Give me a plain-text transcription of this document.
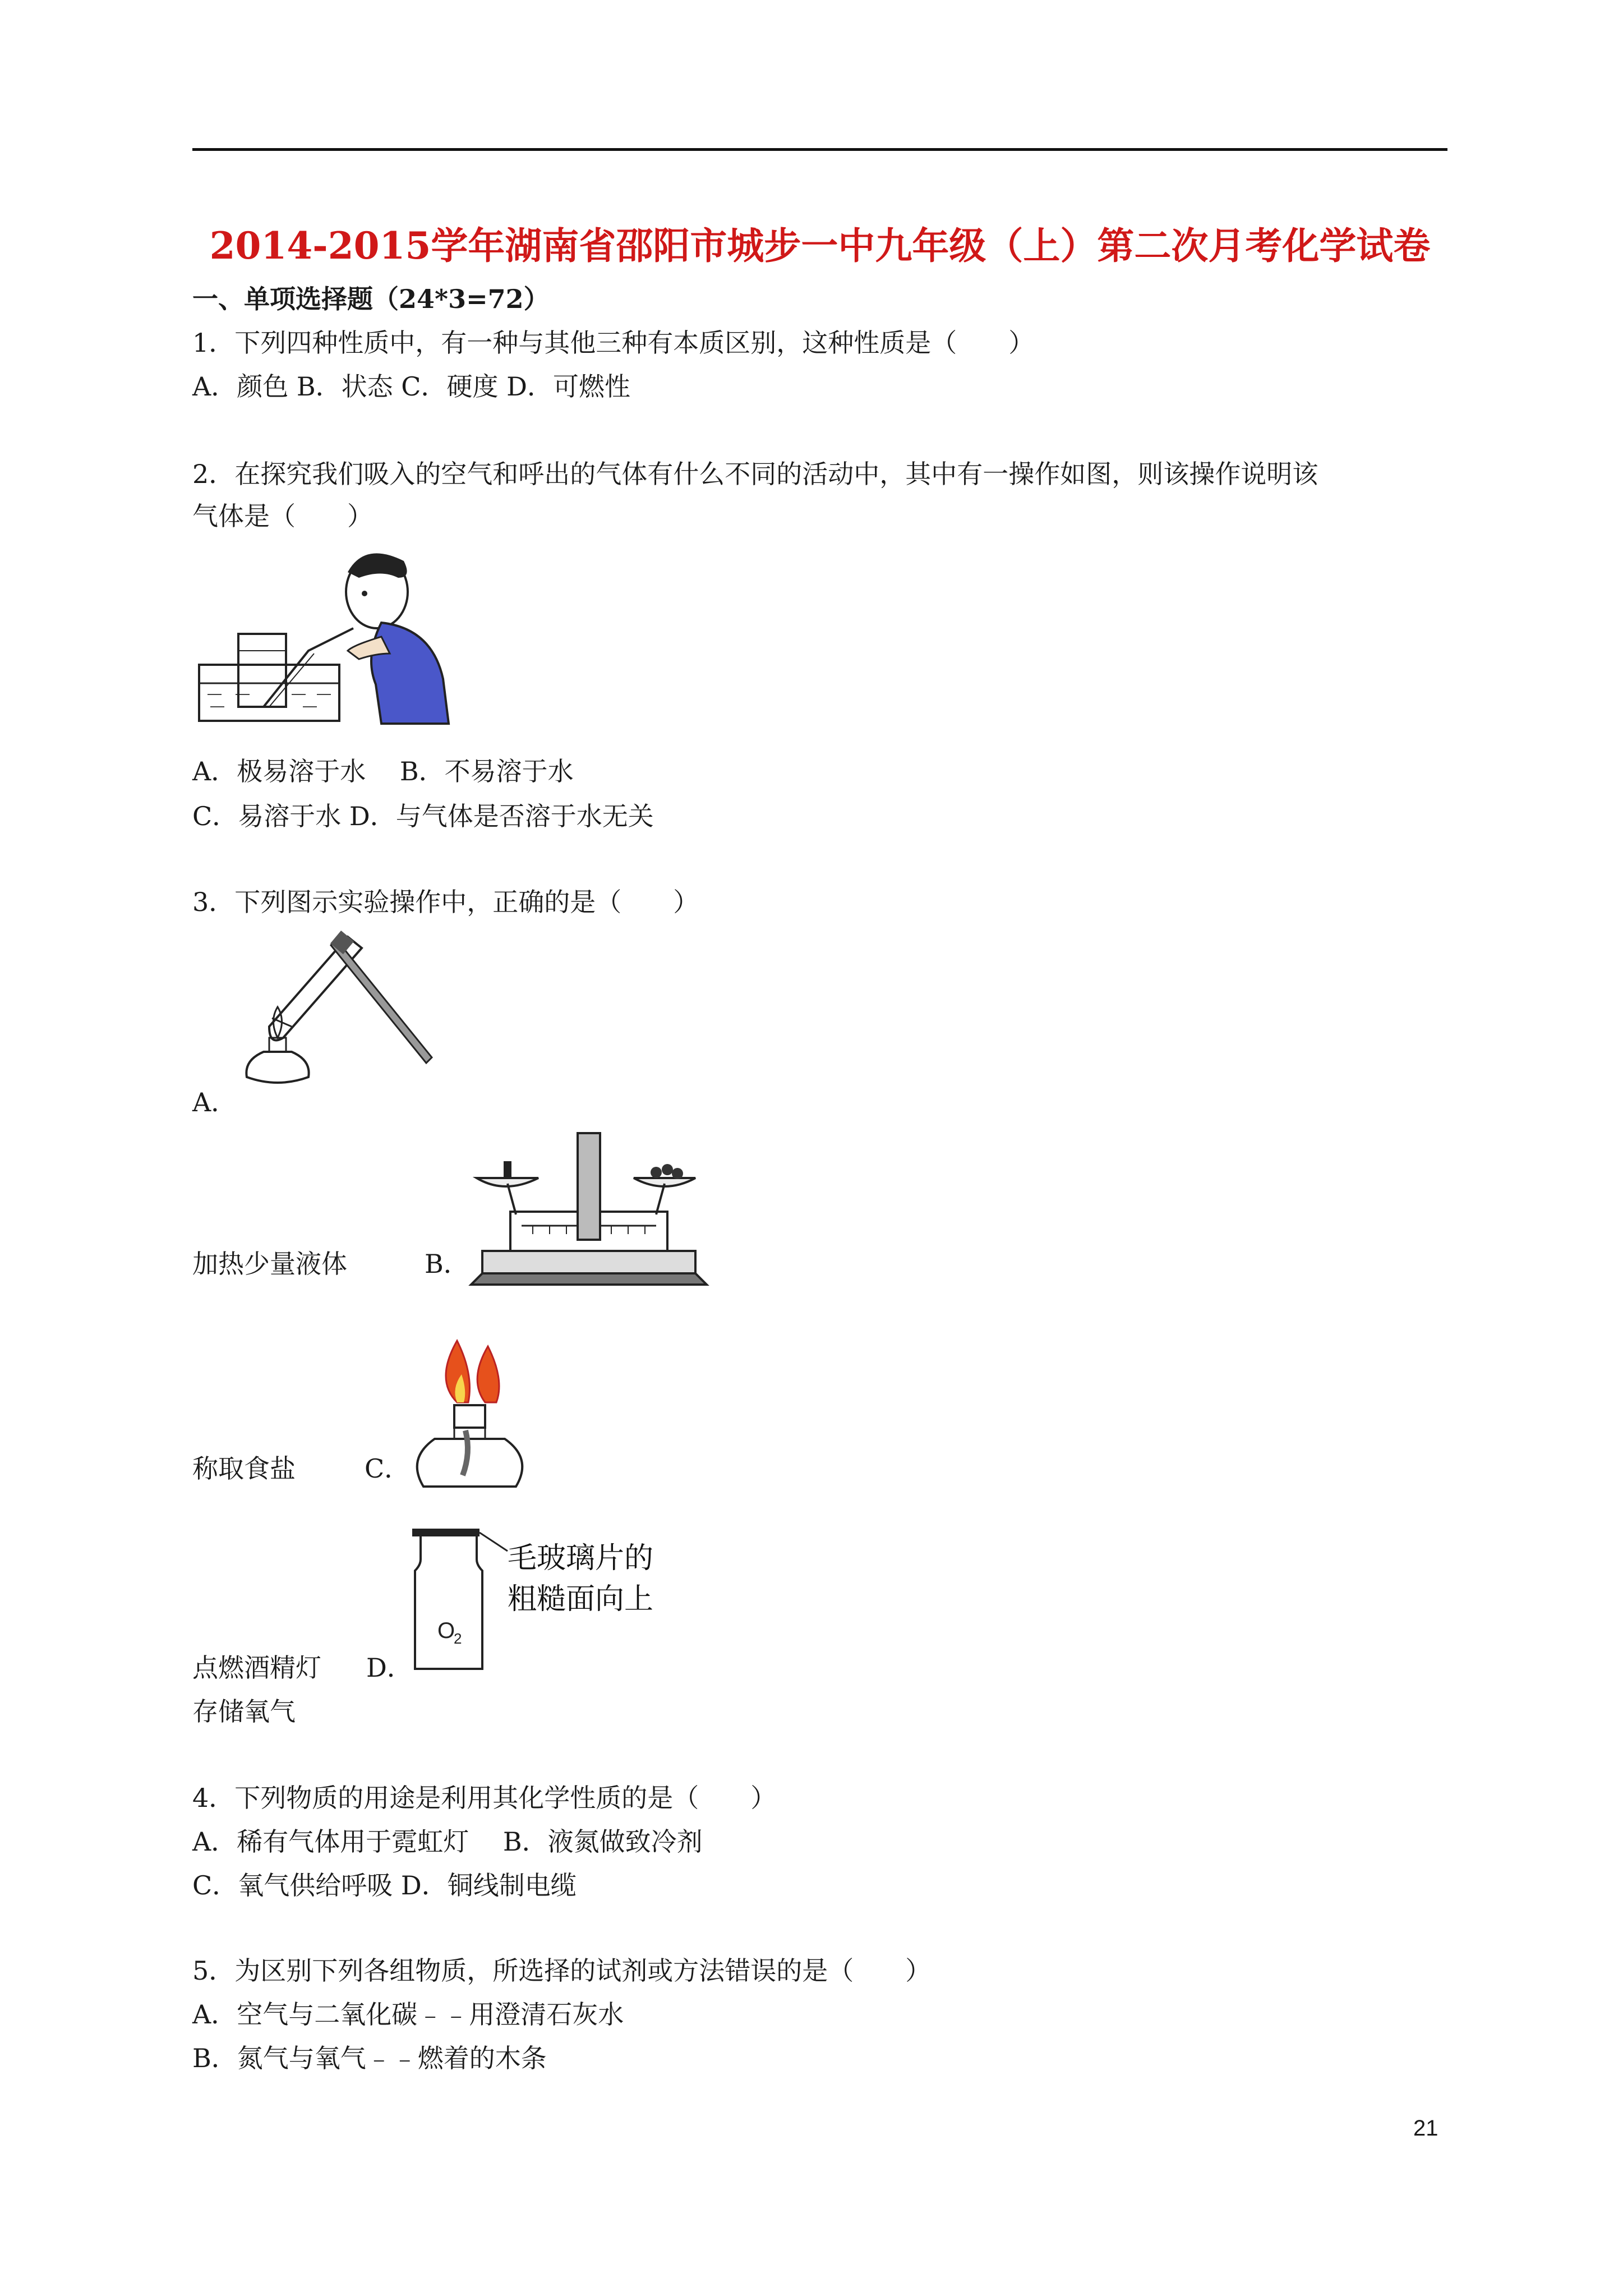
2014-2015学年湖南省邵阳市城步一中九年级（上）第二次月考化学试卷
一、单项选择题（24*3=72）
1．下列四种性质中，有一种与其他三种有本质区别，这种性质是（　　）
A．颜色 B．状态 C．硬度 D．可燃性
2．在探究我们吸入的空气和呼出的气体有什么不同的活动中，其中有一操作如图，则该操作说明该
气体是（　　）
A．极易溶于水　 B．不易溶于水
C．易溶于水 D．与气体是否溶于水无关
3．下列图示实验操作中，正确的是（　　）
A．
加热少量液体	B．
称取食盐	C．
O
2
毛玻璃片的
粗糙面向上
点燃酒精灯 D．
存储氧气
4．下列物质的用途是利用其化学性质的是（　　）
A．稀有气体用于霓虹灯　 B．液氮做致冷剂
C．氧气供给呼吸 D．铜线制电缆
5．为区别下列各组物质，所选择的试剂或方法错误的是（　　）
A．空气与二氧化碳﹣﹣用澄清石灰水
B．氮气与氧气﹣﹣燃着的木条
21
